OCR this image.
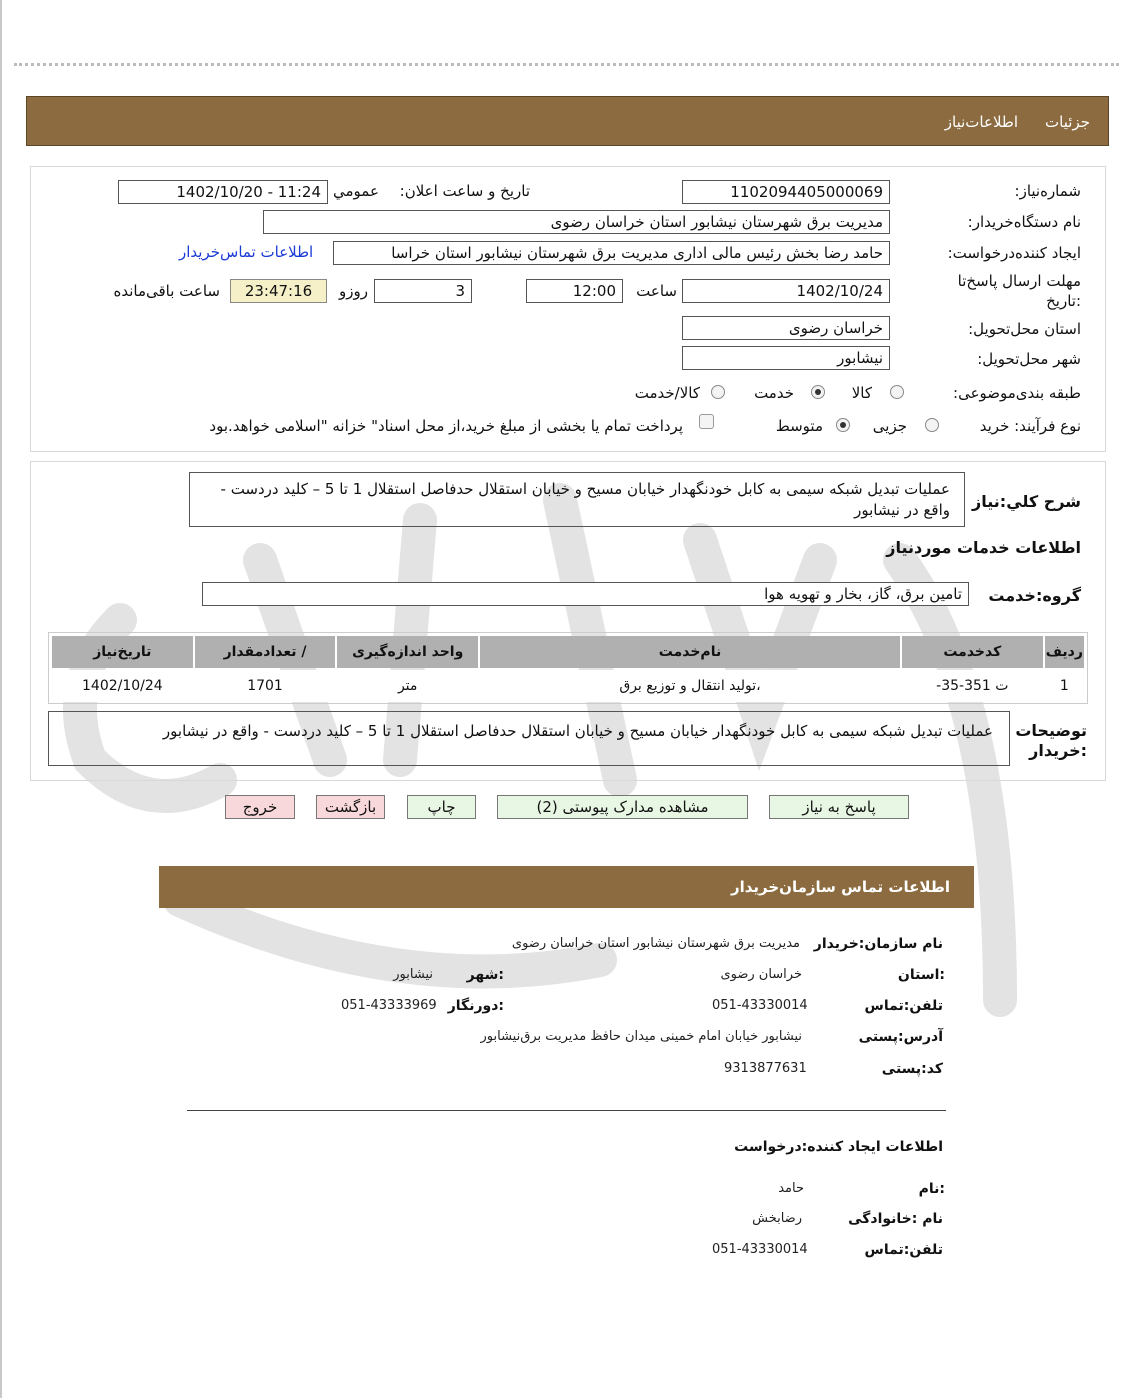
جزئیات
اطلاعات‌نیاز
شماره‌نیاز:
1102094405000069
تاریخ و ساعت اعلان:
عمومي
1402/10/20 - 11:24
نام دستگاه‌خریدار:
مدیریت برق شهرستان نیشابور استان خراسان رضوی
ایجاد کننده‌درخواست:
حامد رضا بخش رئیس مالی اداری مدیریت برق شهرستان نیشابور استان خراسا
اطلاعات تماس‌خریدار
مهلت ارسال پاسخ‌تا
:تاریخ
1402/10/24
ساعت
12:00
3
روزو
23:47:16
ساعت باقی‌مانده
استان محل‌تحویل:
خراسان رضوی
شهر محل‌تحویل:
نیشابور
طبقه بندی‌موضوعی:
کالا
خدمت
کالا/خدمت
نوع فرآیند: خرید
جزیی
متوسط
پرداخت تمام یا بخشی از مبلغ خرید،از محل اسناد" خزانه "اسلامی خواهد.بود
شرح کلي:نیاز
عملیات تبدیل شبکه سیمی به کابل خودنگهدار خیابان مسیح و خیابان استقلال حدفاصل استقلال 1 تا 5 – کلید دردست - واقع در نیشابور
اطلاعات خدمات موردنیاز
گروه:خدمت
تامین برق، گاز، بخار و تهویه هوا
ردیف	کدخدمت	نام‌خدمت	واحد اندازه‌گیری	/ تعدادمقدار	تاریخ‌نیاز
1	ت 351-35-	،تولید انتقال و توزیع برق	متر	1701	1402/10/24
توضیحات
:خریدار
عملیات تبدیل شبکه سیمی به کابل خودنگهدار خیابان مسیح و خیابان استقلال حدفاصل استقلال 1 تا 5 – کلید دردست - واقع در نیشابور
پاسخ به نیاز
مشاهده مدارک پیوستی (2)
چاپ
بازگشت
خروج
اطلاعات تماس سازمان‌خریدار
نام سازمان:خریدار
مدیریت برق شهرستان نیشابور استان خراسان رضوی
:استان
خراسان رضوی
:شهر
نیشابور
تلفن:تماس
051-43330014
:دورنگار
051-43333969
آدرس:پستی
نیشابور خیابان امام خمینی میدان حافظ مدیریت برق‌نیشابور
کد:پستی
9313877631
اطلاعات ایجاد کننده:درخواست
:نام
حامد
نام :خانوادگی
رضابخش
تلفن:تماس
051-43330014
